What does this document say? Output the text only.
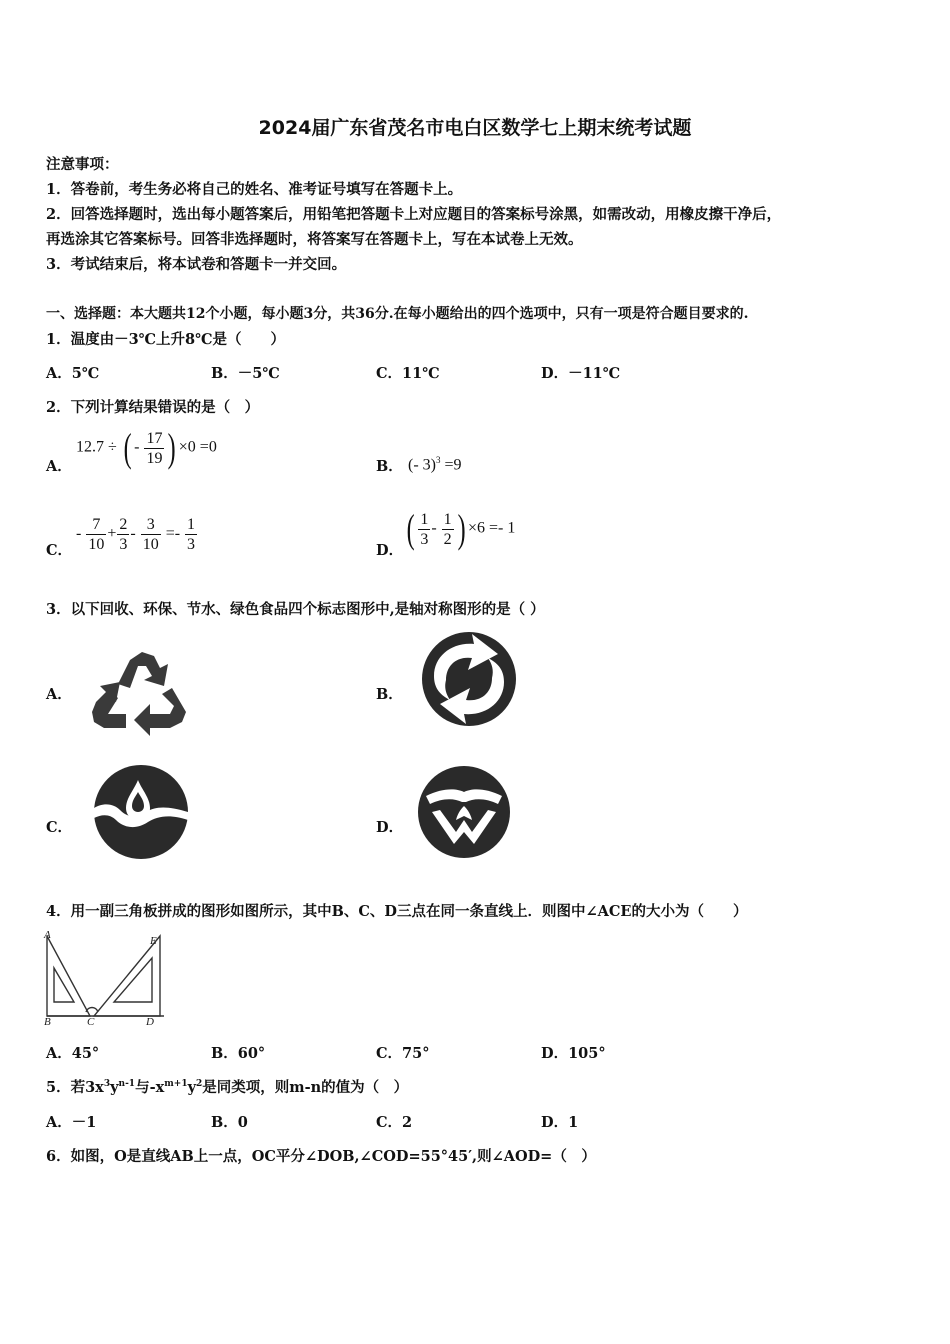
2024届广东省茂名市电白区数学七上期末统考试题
注意事项：
1．答卷前，考生务必将自己的姓名、准考证号填写在答题卡上。
2．回答选择题时，选出每小题答案后，用铅笔把答题卡上对应题目的答案标号涂黑，如需改动，用橡皮擦干净后，
再选涂其它答案标号。回答非选择题时，将答案写在答题卡上，写在本试卷上无效。
3．考试结束后，将本试卷和答题卡一并交回。
一、选择题：本大题共12个小题，每小题3分，共36分.在每小题给出的四个选项中，只有一项是符合题目要求的.
1．温度由－3℃上升8℃是（　　）
A．5℃	B．－5℃	C．11℃	D．－11℃
2．下列计算结果错误的是（　）
A．
12.7 ÷ ( - $\frac{17}{19}$ ) ×0 =0
B． (- 3)$^3$ =9
C．
- $\frac{7}{10} + \frac{2}{3} - \frac{3}{10} =- \frac{1}{3}$	D． ( $\frac{1}{3} - \frac{1}{2}$ ) ×6 =- 1
3．以下回收、环保、节水、绿色食品四个标志图形中,是轴对称图形的是（ ）
A．	B．
C．	D．
4．用一副三角板拼成的图形如图所示，其中B、C、D三点在同一条直线上．则图中∠ACE的大小为（　　）
A	E
B	C	D
A．45°	B．60°	C．75°	D．105°
5．若$3x^3y^{n-1}$与$-x^{m+1}y^2$是同类项，则m-n的值为（　）
A．－1	B．0	C．2	D．1
6．如图，O是直线AB上一点，OC平分∠DOB,∠COD=55°45′,则∠AOD=（　）
